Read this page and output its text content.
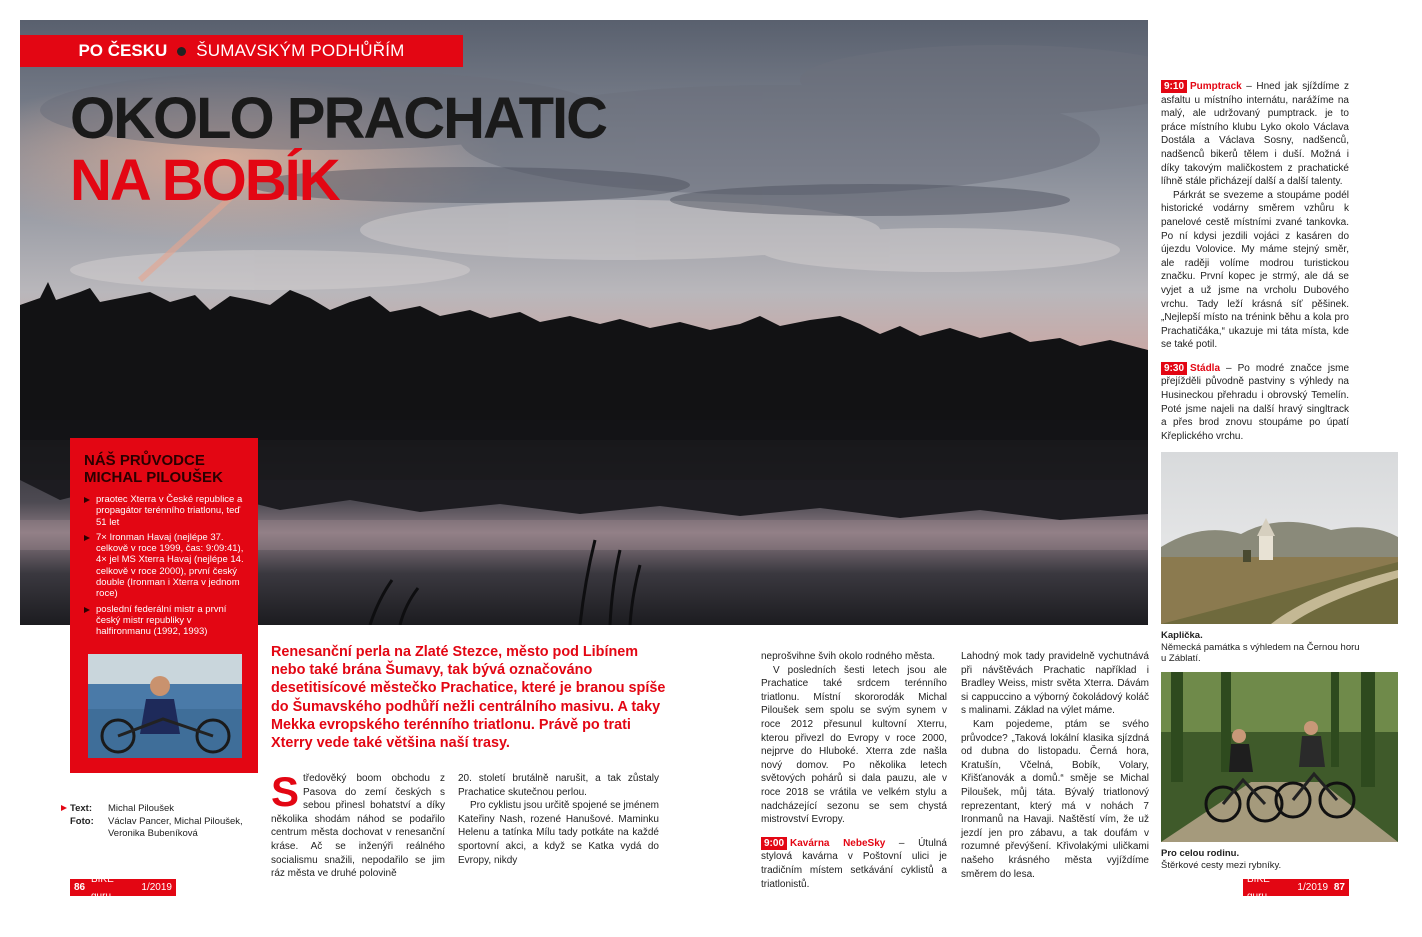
PO ČESKU ŠUMAVSKÝM PODHŮŘÍM
OKOLO PRACHATIC
NA BOBÍK
NÁŠ PRŮVODCE
MICHAL PILOUŠEK
praotec Xterra v České republice a propagátor terénního triatlonu, teď 51 let
7× Ironman Havaj (nejlépe 37. celkově v roce 1999, čas: 9:09:41), 4× jel MS Xterra Havaj (nejlépe 14. celkově v roce 2000), první český double (Ironman i Xterra v jednom roce)
poslední federální mistr a první český mistr republiky v halfironmanu (1992, 1993)
Renesanční perla na Zlaté Stezce, město pod Libínem nebo také brána Šumavy, tak bývá označováno desetitisícové městečko Prachatice, které je branou spíše do Šumavského podhůří nežli centrálního masivu. A taky Mekka evropského terénního triatlonu. Právě po trati Xterry vede také většina naší trasy.
Text:	Michal Piloušek
Foto:	Václav Pancer, Michal Piloušek, Veronika Bubeníková

Středověký boom obchodu z Pasova do zemí českých s sebou přinesl bohatství a díky několika shodám náhod se podařilo centrum města dochovat v renesanční kráse. Ač se inženýři reálného socialismu snažili, nepodařilo se jim ráz města ve druhé polovině

20. století brutálně narušit, a tak zůstaly Prachatice skutečnou perlou.

Pro cyklistu jsou určitě spojené se jménem Kateřiny Nash, rozené Hanušové. Maminku Helenu a tatínka Mílu tady potkáte na každé sportovní akci, a když se Katka vydá do Evropy, nikdy

neprošvihne švih okolo rodného města.

V posledních šesti letech jsou ale Prachatice také srdcem terénního triatlonu. Místní skororodák Michal Piloušek sem spolu se svým synem v roce 2012 přesunul kultovní Xterru, kterou přivezl do Evropy v roce 2000, nejprve do Hluboké. Xterra zde našla nový domov. Po několika letech světových pohárů si dala pauzu, ale v roce 2018 se vrátila ve velkém stylu a nadcházející sezonu se sem chystá mistrovství Evropy.

9:00 Kavárna NebeSky – Útulná stylová kavárna v Poštovní ulici je tradičním místem setkávání cyklistů a triatlonistů.

Lahodný mok tady pravidelně vychutnává při návštěvách Prachatic například i Bradley Weiss, mistr světa Xterra. Dávám si cappuccino a výborný čokoládový koláč s malinami. Základ na výlet máme.

Kam pojedeme, ptám se svého průvodce? „Taková lokální klasika sjízdná od dubna do listopadu. Černá hora, Kratušín, Včelná, Bobík, Volary, Křišťanovák a domů.“ směje se Michal Piloušek, můj táta. Bývalý triatlonový reprezentant, který má v nohách 7 Ironmanů na Havaji. Naštěstí vím, že už jezdí jen pro zábavu, a tak doufám v rozumné převýšení. Křivolakými uličkami našeho krásného města vyjíždíme směrem do lesa.

9:10 Pumptrack – Hned jak sjíždíme z asfaltu u místního internátu, narážíme na malý, ale udržovaný pumptrack. je to práce místního klubu Lyko okolo Václava Dostála a Václava Sosny, nadšenců, nadšenců bikerů tělem i duší. Možná i díky takovým maličkostem z prachatické líhně stále přicházejí další a další talenty.

Párkrát se svezeme a stoupáme podél historické vodárny směrem vzhůru k panelové cestě místními zvané tankovka. Po ní kdysi jezdili vojáci z kasáren do újezdu Volovice. My máme stejný směr, ale raději volíme modrou turistickou značku. První kopec je strmý, ale dá se vyjet a už jsme na vrcholu Dubového vrchu. Tady leží krásná síť pěšinek. „Nejlepší místo na trénink běhu a kola pro Prachatičáka,“ ukazuje mi táta místa, kde se také potil.

9:30 Stádla – Po modré značce jsme přejížděli původně pastviny s výhledy na Husineckou přehradu i obrovský Temelín. Poté jsme najeli na další hravý singltrack a přes brod znovu stoupáme po úpatí Křeplického vrchu.

Kaplička.
Německá památka s výhledem na Černou horu u Záblatí.
Pro celou rodinu.
Štěrkové cesty mezi rybníky.
86
BIKE guru
1/2019
BIKE guru
1/2019 87
